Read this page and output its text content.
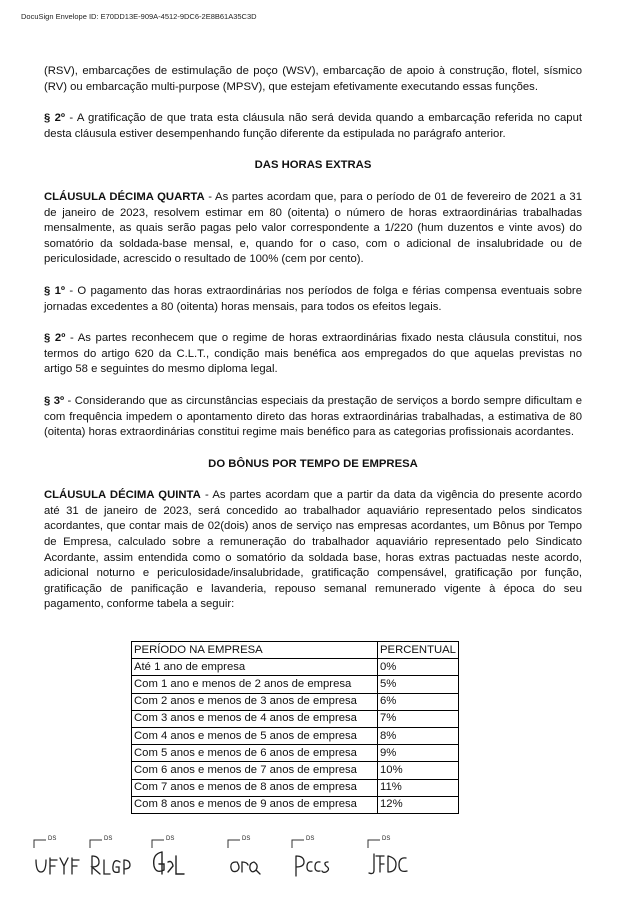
DocuSign Envelope ID: E70DD13E-909A-4512-9DC6-2E8B61A35C3D

(RSV), embarcações de estimulação de poço (WSV), embarcação de apoio à construção, flotel, sísmico (RV) ou embarcação multi-purpose (MPSV), que estejam efetivamente executando essas funções.

§ 2º - A gratificação de que trata esta cláusula não será devida quando a embarcação referida no caput desta cláusula estiver desempenhando função diferente da estipulada no parágrafo anterior.

DAS HORAS EXTRAS

CLÁUSULA DÉCIMA QUARTA - As partes acordam que, para o período de 01 de fevereiro de 2021 a 31 de janeiro de 2023, resolvem estimar em 80 (oitenta) o número de horas extraordinárias trabalhadas mensalmente, as quais serão pagas pelo valor correspondente a 1/220 (hum duzentos e vinte avos) do somatório da soldada-base mensal, e, quando for o caso, com o adicional de insalubridade ou de periculosidade, acrescido o resultado de 100% (cem por cento).

§ 1º - O pagamento das horas extraordinárias nos períodos de folga e férias compensa eventuais sobre jornadas excedentes a 80 (oitenta) horas mensais, para todos os efeitos legais.

§ 2º - As partes reconhecem que o regime de horas extraordinárias fixado nesta cláusula constitui, nos termos do artigo 620 da C.L.T., condição mais benéfica aos empregados do que aquelas previstas no artigo 58 e seguintes do mesmo diploma legal.

§ 3º - Considerando que as circunstâncias especiais da prestação de serviços a bordo sempre dificultam e com frequência impedem o apontamento direto das horas extraordinárias trabalhadas, a estimativa de 80 (oitenta) horas extraordinárias constitui regime mais benéfico para as categorias profissionais acordantes.

DO BÔNUS POR TEMPO DE EMPRESA

CLÁUSULA DÉCIMA QUINTA - As partes acordam que a partir da data da vigência do presente acordo até 31 de janeiro de 2023, será concedido ao trabalhador aquaviário representado pelos sindicatos acordantes, que contar mais de 02(dois) anos de serviço nas empresas acordantes, um Bônus por Tempo de Empresa, calculado sobre a remuneração do trabalhador aquaviário representado pelo Sindicato Acordante, assim entendida como o somatório da soldada base, horas extras pactuadas neste acordo, adicional noturno e periculosidade/insalubridade, gratificação compensável, gratificação por função, gratificação de panificação e lavanderia, repouso semanal remunerado vigente à época do seu pagamento, conforme tabela a seguir:

PERÍODO NA EMPRESA	PERCENTUAL
Até 1 ano de empresa	0%
Com 1 ano e menos de 2 anos de empresa	5%
Com 2 anos e menos de 3 anos de empresa	6%
Com 3 anos e menos de 4 anos de empresa	7%
Com 4 anos e menos de 5 anos de empresa	8%
Com 5 anos e menos de 6 anos de empresa	9%
Com 6 anos e menos de 7 anos de empresa	10%
Com 7 anos e menos de 8 anos de empresa	11%
Com 8 anos e menos de 9 anos de empresa	12%
DS	DS	DS	DS	DS	DS
